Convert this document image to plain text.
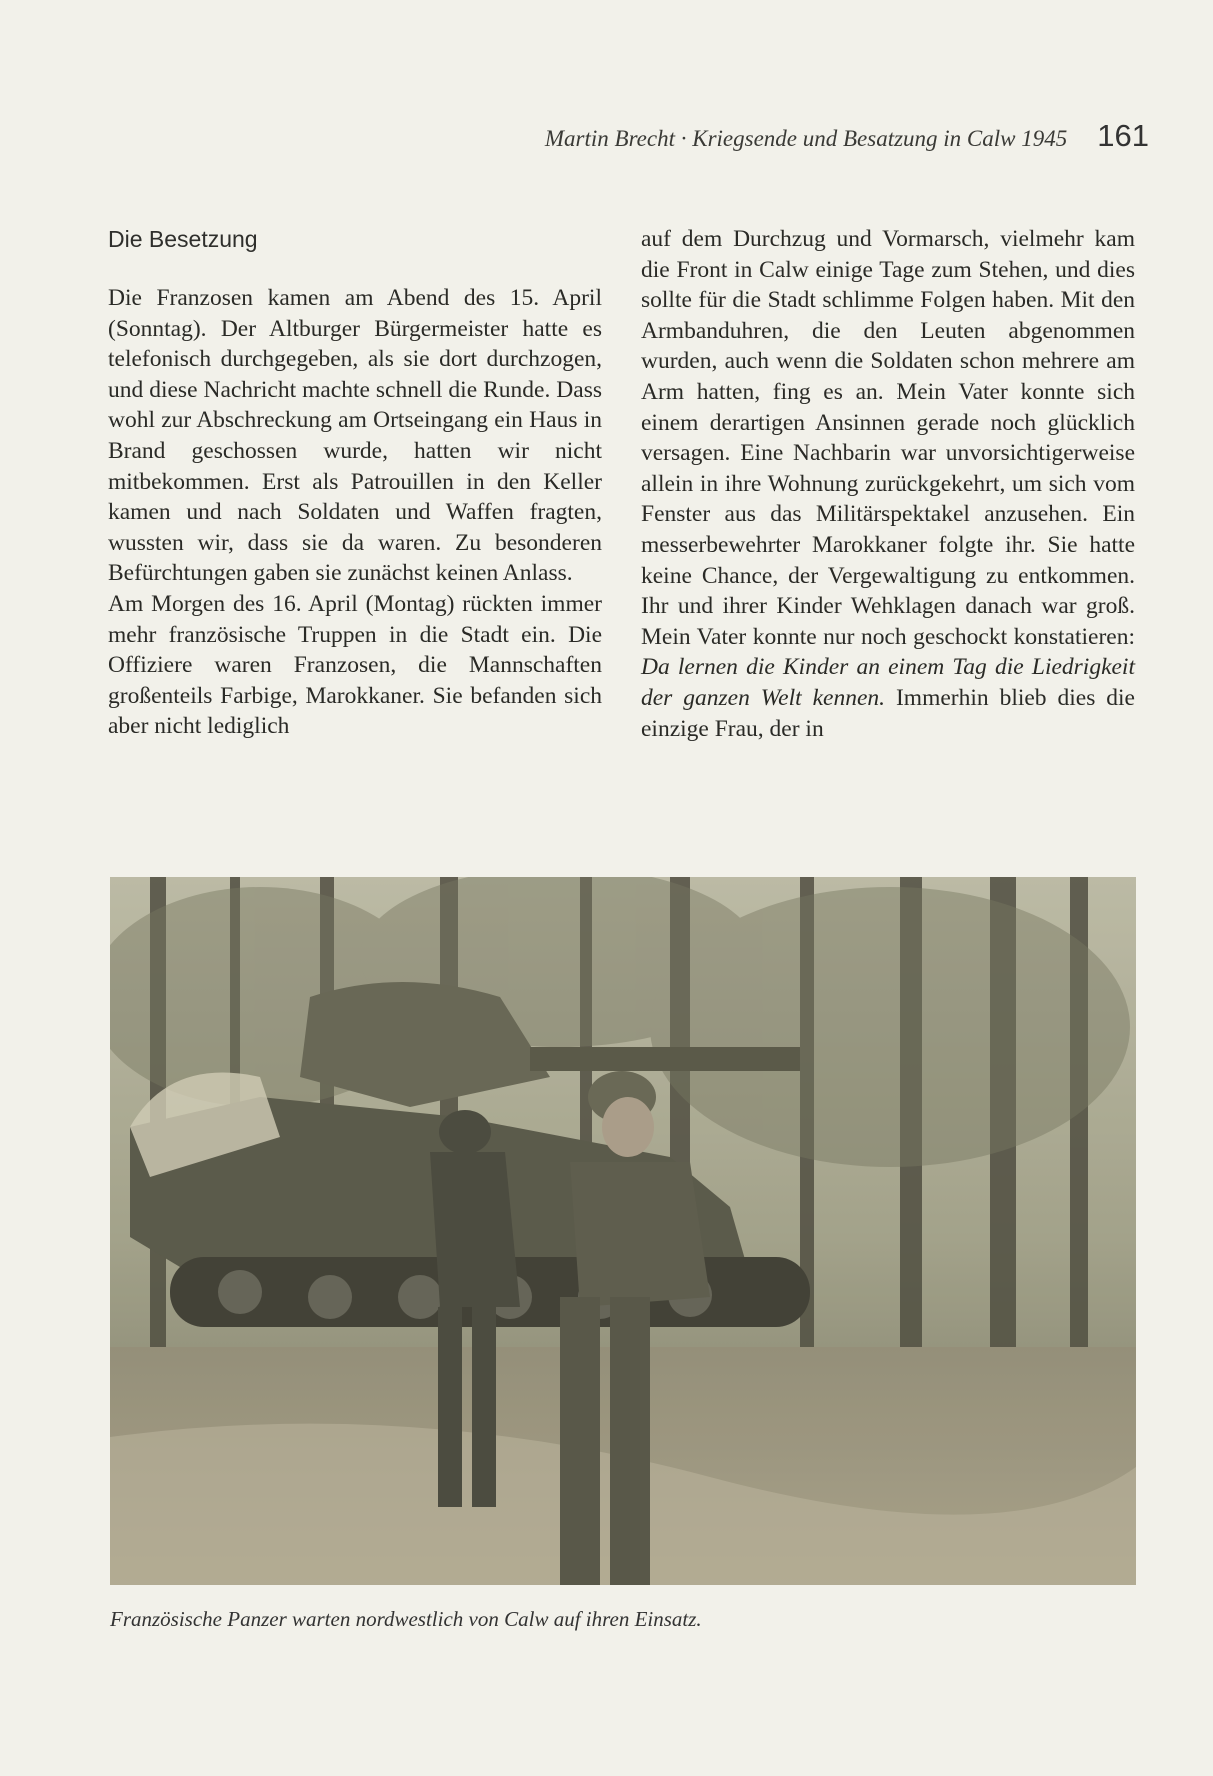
Martin Brecht · Kriegsende und Besatzung in Calw 1945 161
Die Besetzung

Die Franzosen kamen am Abend des 15. April (Sonntag). Der Altburger Bürgermeister hatte es telefonisch durchgegeben, als sie dort durchzogen, und diese Nachricht machte schnell die Runde. Dass wohl zur Abschreckung am Ortseingang ein Haus in Brand geschossen wurde, hatten wir nicht mitbekommen. Erst als Patrouillen in den Keller kamen und nach Soldaten und Waffen fragten, wussten wir, dass sie da waren. Zu besonderen Befürchtungen gaben sie zunächst keinen Anlass.

Am Morgen des 16. April (Montag) rückten immer mehr französische Truppen in die Stadt ein. Die Offiziere waren Franzosen, die Mannschaften großenteils Farbige, Marokkaner. Sie befanden sich aber nicht lediglich

auf dem Durchzug und Vormarsch, vielmehr kam die Front in Calw einige Tage zum Stehen, und dies sollte für die Stadt schlimme Folgen haben. Mit den Armbanduhren, die den Leuten abgenommen wurden, auch wenn die Soldaten schon mehrere am Arm hatten, fing es an. Mein Vater konnte sich einem derartigen Ansinnen gerade noch glücklich versagen. Eine Nachbarin war unvorsichtigerweise allein in ihre Wohnung zurückgekehrt, um sich vom Fenster aus das Militärspektakel anzusehen. Ein messerbewehrter Marokkaner folgte ihr. Sie hatte keine Chance, der Vergewaltigung zu entkommen. Ihr und ihrer Kinder Wehklagen danach war groß. Mein Vater konnte nur noch geschockt konstatieren: Da lernen die Kinder an einem Tag die Liedrigkeit der ganzen Welt kennen. Immerhin blieb dies die einzige Frau, der in

Französische Panzer warten nordwestlich von Calw auf ihren Einsatz.
